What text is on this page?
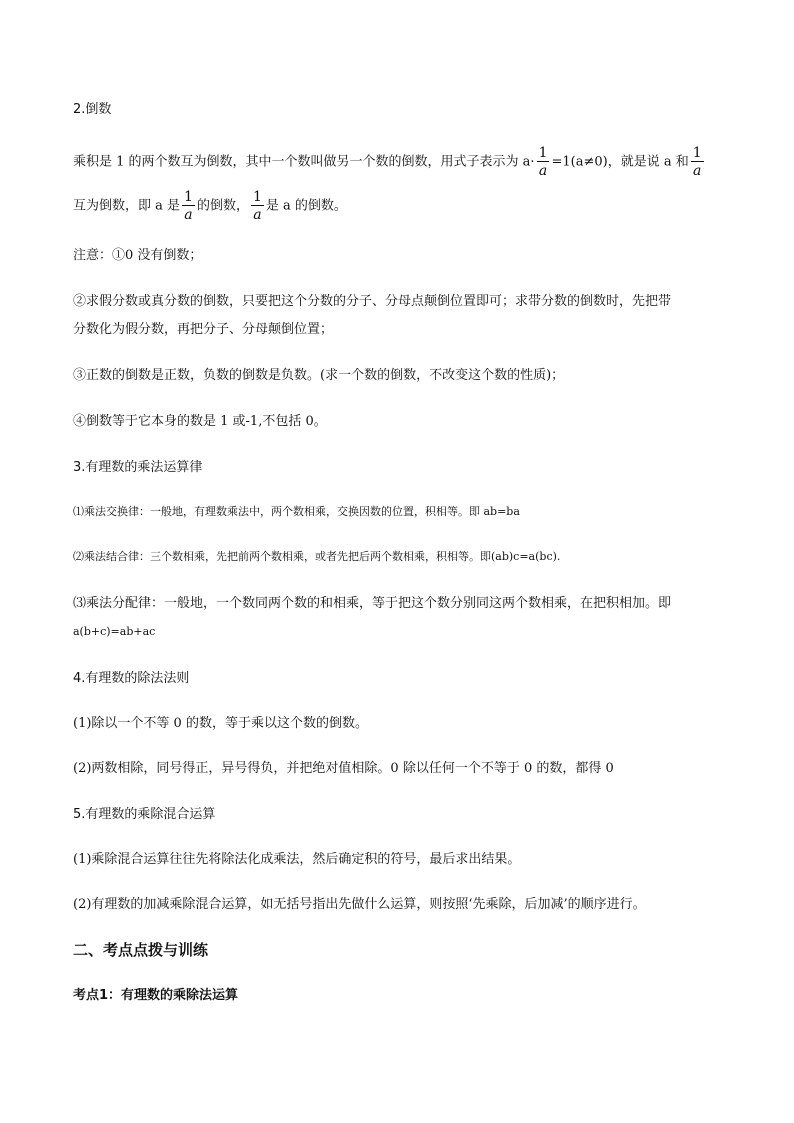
2.倒数
乘积是 1 的两个数互为倒数，其中一个数叫做另一个数的倒数，用式子表示为 $a\cdot \frac{1}{a} =1(a\ne 0)$，就是说 a 和 $\frac{1}{a}$
互为倒数，即 a 是 $\frac{1}{a}$ 的倒数， $\frac{1}{a}$ 是 a 的倒数。
注意：①0 没有倒数；
②求假分数或真分数的倒数，只要把这个分数的分子、分母点颠倒位置即可；求带分数的倒数时，先把带
分数化为假分数，再把分子、分母颠倒位置；
③正数的倒数是正数，负数的倒数是负数。(求一个数的倒数，不改变这个数的性质)；
④倒数等于它本身的数是 1 或-1,不包括 0。
3.有理数的乘法运算律
⑴乘法交换律：一般地，有理数乘法中，两个数相乘，交换因数的位置，积相等。即 ab=ba
⑵乘法结合律：三个数相乘，先把前两个数相乘，或者先把后两个数相乘，积相等。即(ab)c=a(bc).
⑶乘法分配律：一般地，一个数同两个数的和相乘，等于把这个数分别同这两个数相乘，在把积相加。即
a(b+c)=ab+ac
4.有理数的除法法则
(1)除以一个不等 0 的数，等于乘以这个数的倒数。
(2)两数相除，同号得正，异号得负，并把绝对值相除。0 除以任何一个不等于 0 的数，都得 0
5.有理数的乘除混合运算
(1)乘除混合运算往往先将除法化成乘法，然后确定积的符号，最后求出结果。
(2)有理数的加减乘除混合运算，如无括号指出先做什么运算，则按照‘先乘除，后加减’的顺序进行。
二、考点点拨与训练
考点1：有理数的乘除法运算
